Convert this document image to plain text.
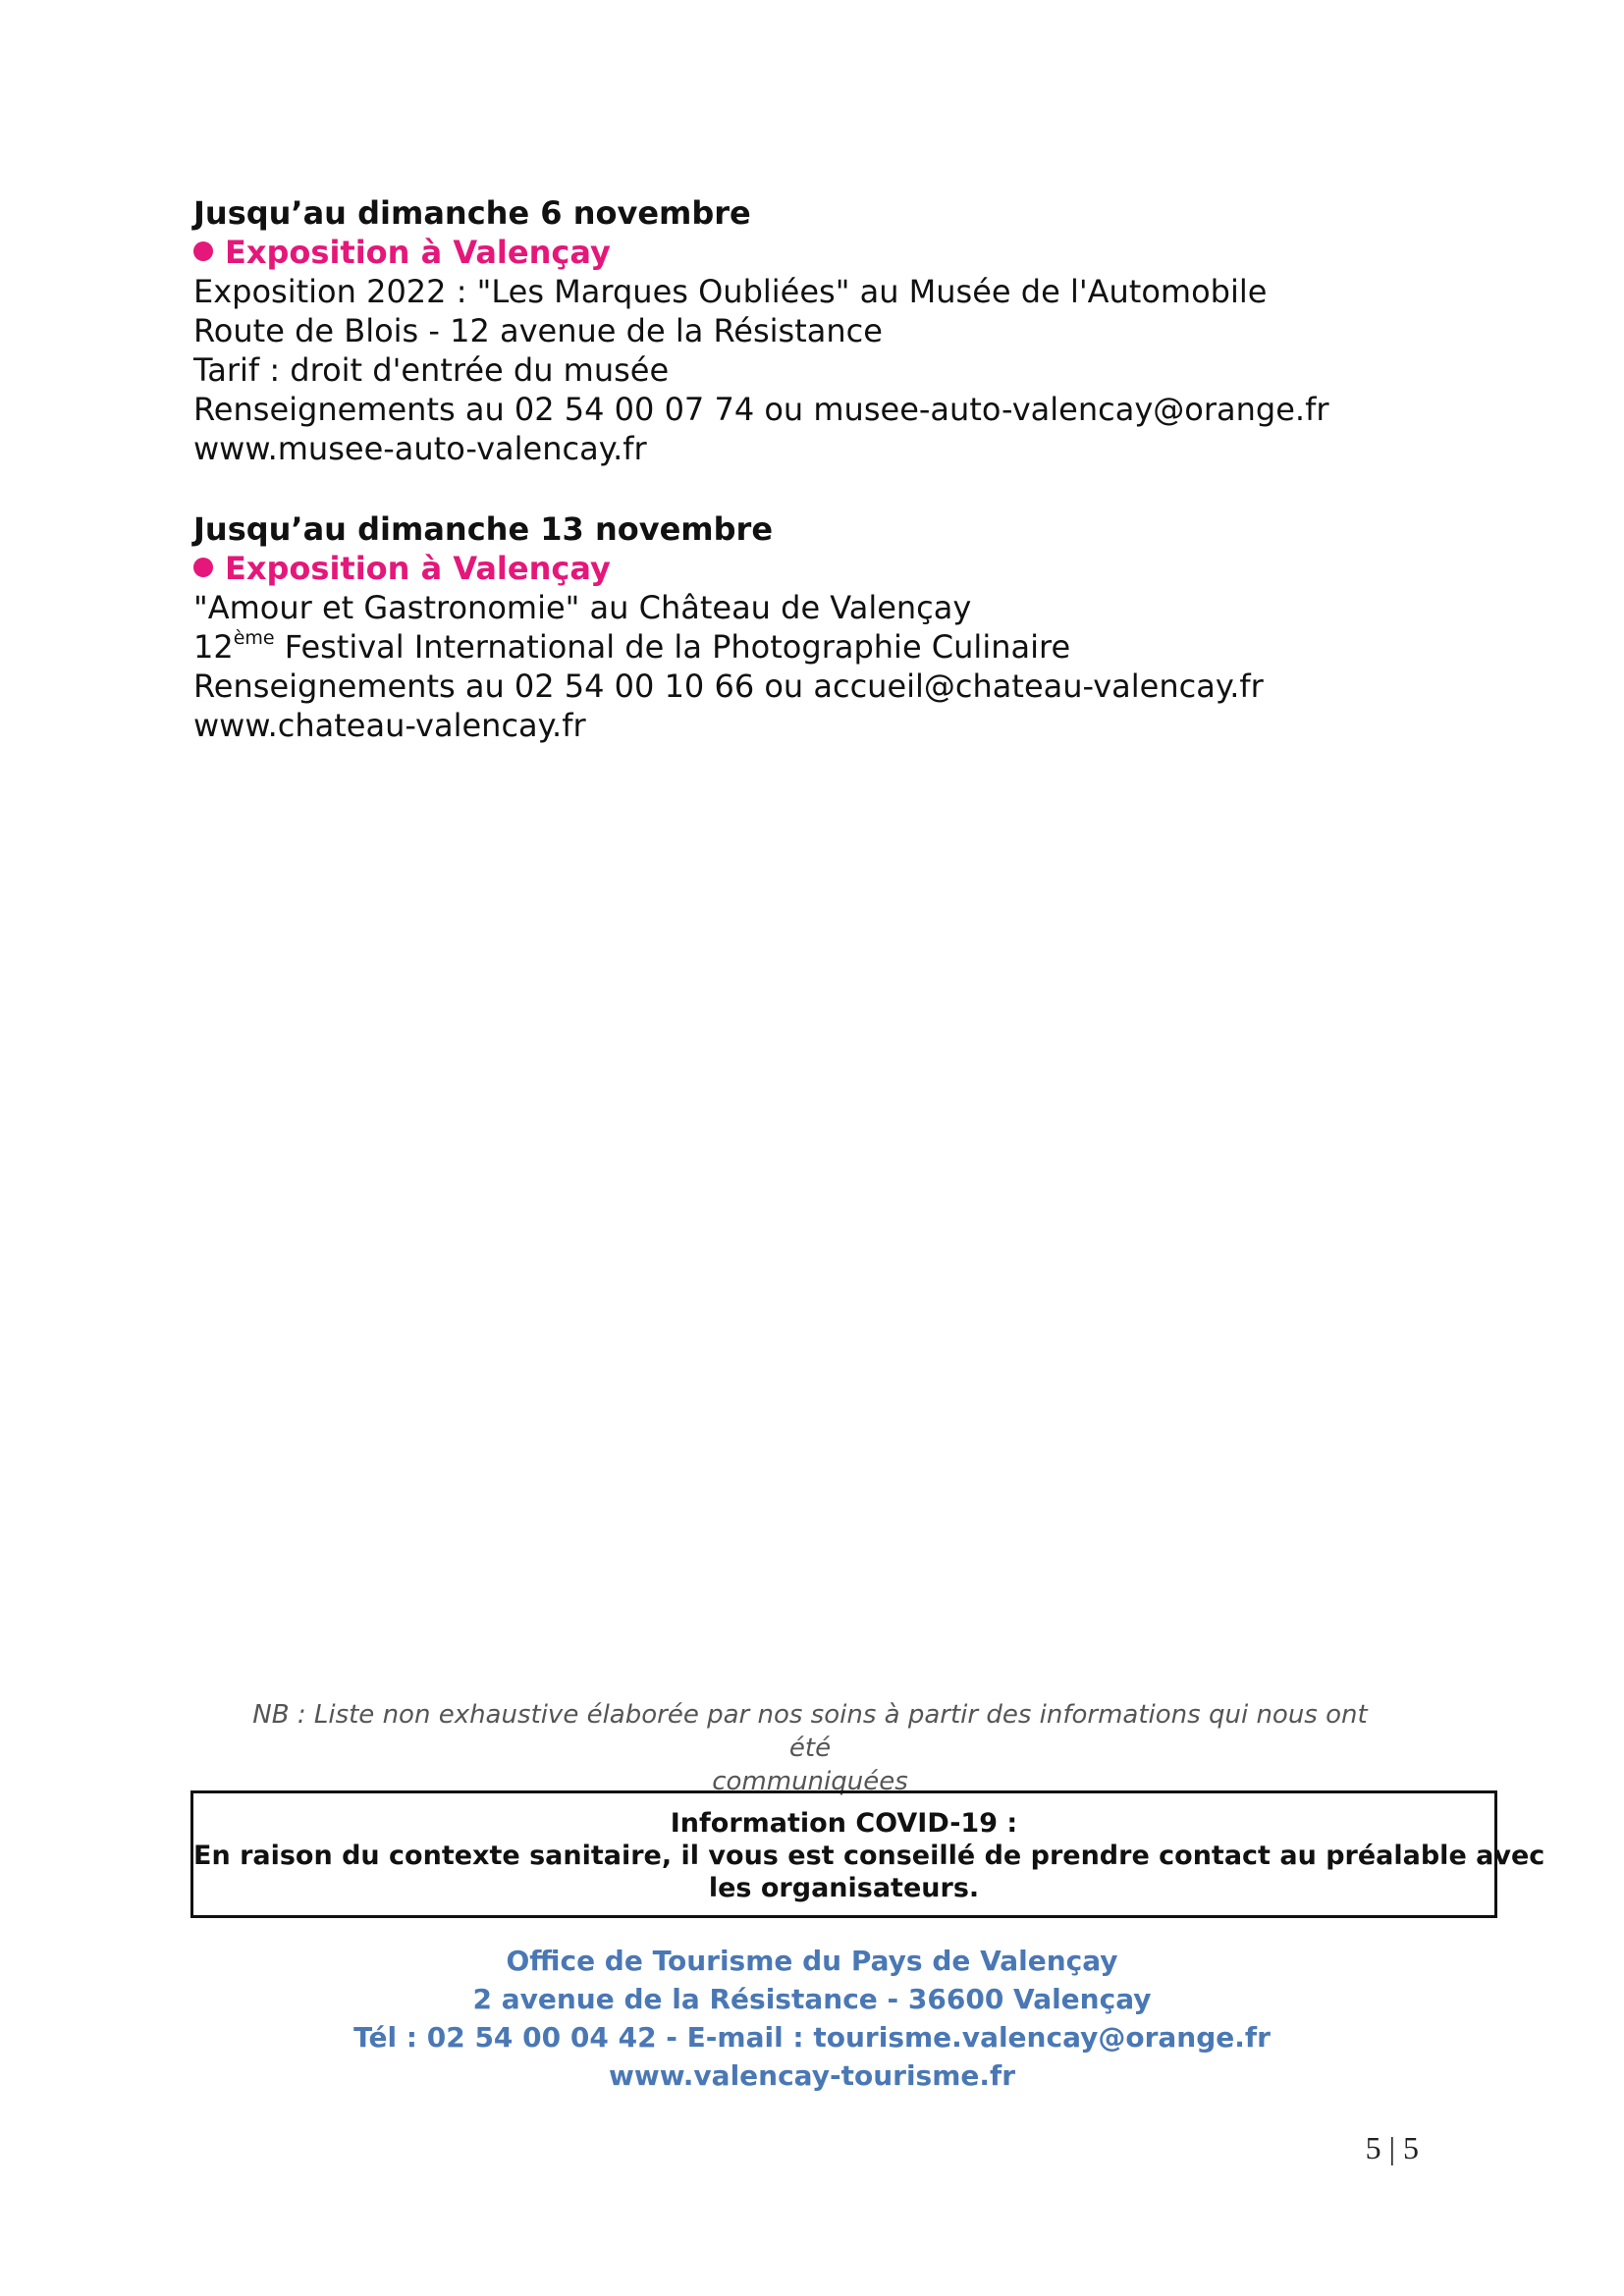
Jusqu’au dimanche 6 novembre
Exposition à Valençay
Exposition 2022 : "Les Marques Oubliées" au Musée de l'Automobile
Route de Blois - 12 avenue de la Résistance
Tarif : droit d'entrée du musée
Renseignements au 02 54 00 07 74 ou musee-auto-valencay@orange.fr
www.musee-auto-valencay.fr
Jusqu’au dimanche 13 novembre
Exposition à Valençay
"Amour et Gastronomie" au Château de Valençay
12ème Festival International de la Photographie Culinaire
Renseignements au 02 54 00 10 66 ou accueil@chateau-valencay.fr
www.chateau-valencay.fr
NB : Liste non exhaustive élaborée par nos soins à partir des informations qui nous ont été
communiquées
Information COVID-19 :
En raison du contexte sanitaire, il vous est conseillé de prendre contact au préalable avec
les organisateurs.
Office de Tourisme du Pays de Valençay
2 avenue de la Résistance - 36600 Valençay
Tél : 02 54 00 04 42 - E-mail : tourisme.valencay@orange.fr
www.valencay-tourisme.fr
5 | 5
